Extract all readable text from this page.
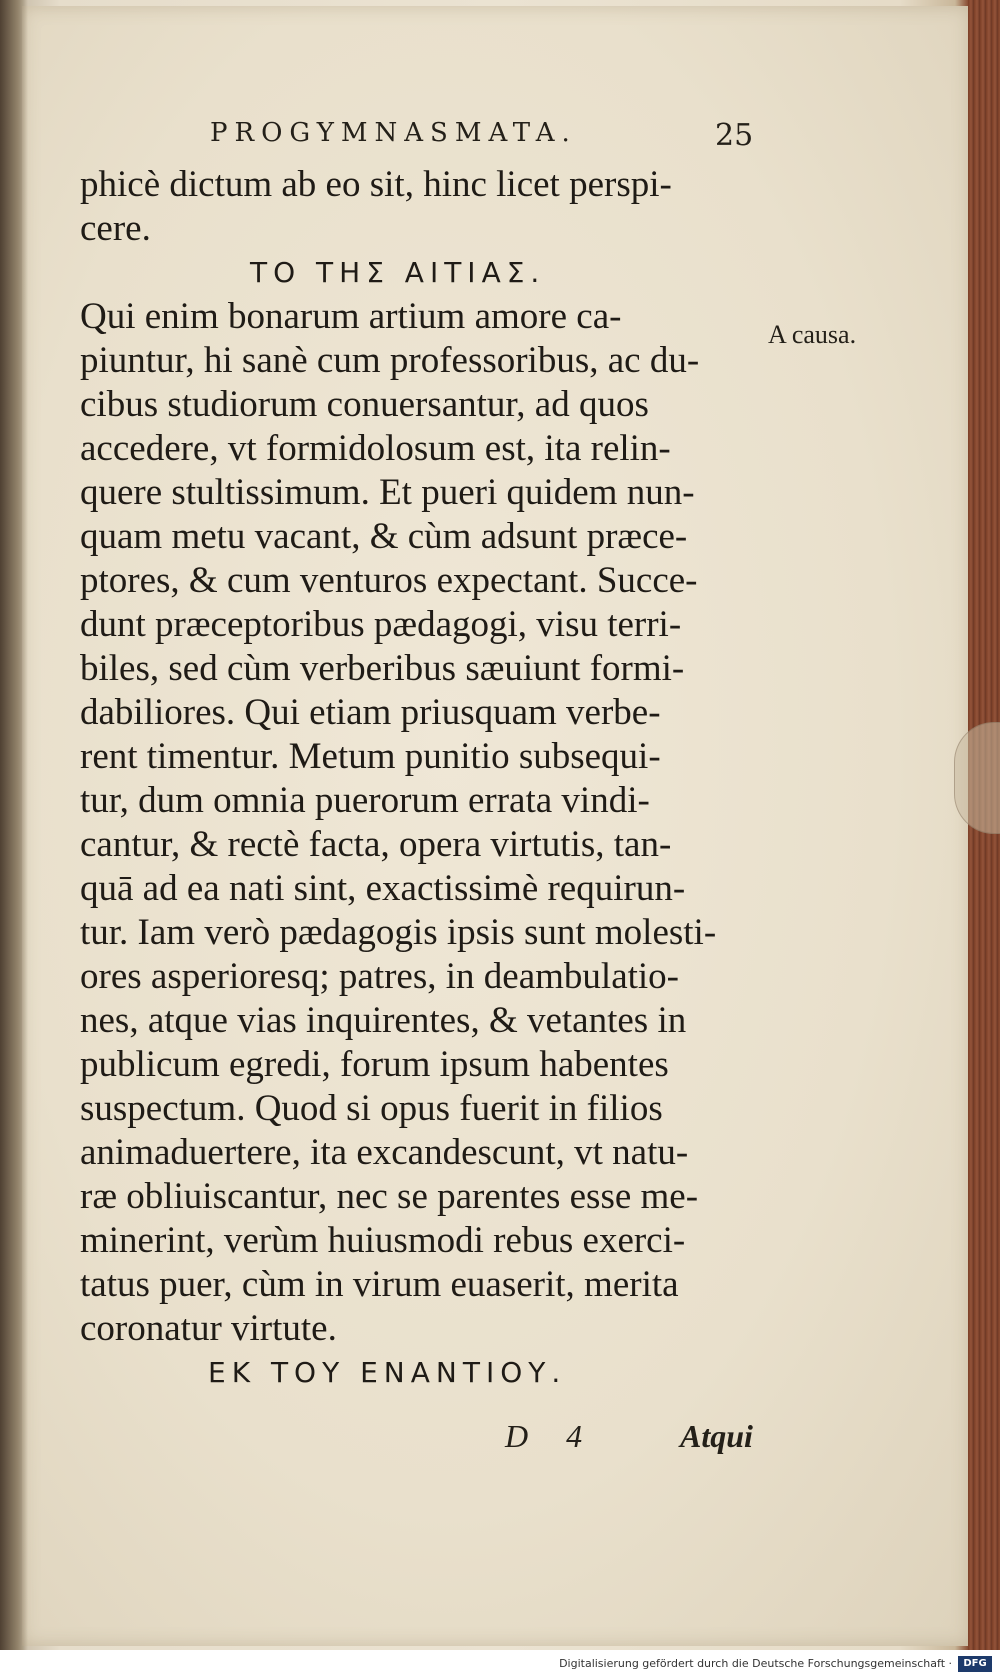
PROGYMNASMATA.	25
phicè dictum ab eo sit, hinc licet perspi-
cere.
ΤΟ ΤΗΣ ΑΙΤΙΑΣ.
Qui enim bonarum artium amore ca-
piuntur, hi sanè cum professoribus, ac du-
cibus studiorum conuersantur, ad quos
accedere, vt formidolosum est, ita relin-
quere stultissimum. Et pueri quidem nun-
quam metu vacant, & cùm adsunt præce-
ptores, & cum venturos expectant. Succe-
dunt præceptoribus pædagogi, visu terri-
biles, sed cùm verberibus sæuiunt formi-
dabiliores. Qui etiam priusquam verbe-
rent timentur. Metum punitio subsequi-
tur, dum omnia puerorum errata vindi-
cantur, & rectè facta, opera virtutis, tan-
quā ad ea nati sint, exactissimè requirun-
tur. Iam verò pædagogis ipsis sunt molesti-
ores asperioresq; patres, in deambulatio-
nes, atque vias inquirentes, & vetantes in
publicum egredi, forum ipsum habentes
suspectum. Quod si opus fuerit in filios
animaduertere, ita excandescunt, vt natu-
ræ obliuiscantur, nec se parentes esse me-
minerint, verùm huiusmodi rebus exerci-
tatus puer, cùm in virum euaserit, merita
coronatur virtute.
ΕΚ ΤΟΥ ΕΝΑΝΤΙΟΥ.
A causa.
D 4	Atqui
Digitalisierung gefördert durch die Deutsche Forschungsgemeinschaft ·	DFG
